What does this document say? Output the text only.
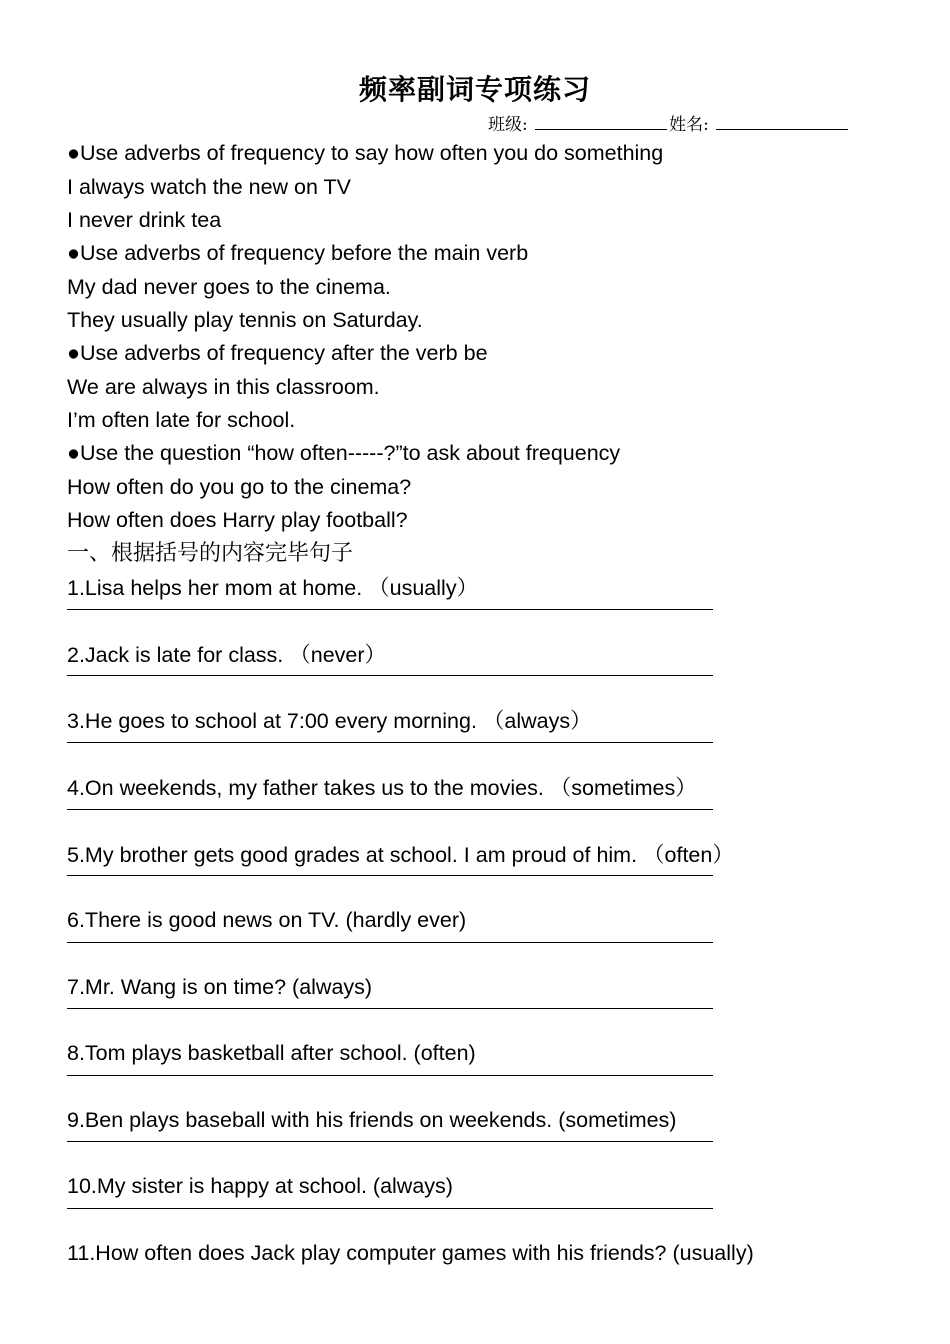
频率副词专项练习
班级:	姓名:
●Use adverbs of frequency to say how often you do something
I always watch the new on TV
I never drink tea
●Use adverbs of frequency before the main verb
My dad never goes to the cinema.
They usually play tennis on Saturday.
●Use adverbs of frequency after the verb be
We are always in this classroom.
I’m often late for school.
●Use the question “how often-----?”to ask about frequency
How often do you go to the cinema?
How often does Harry play football?
一、根据括号的内容完毕句子
1.Lisa helps her mom at home. （usually）
2.Jack is late for class. （never）
3.He goes to school at 7:00 every morning. （always）
4.On weekends, my father takes us to the movies. （sometimes）
5.My brother gets good grades at school. I am proud of him. （often）
6.There is good news on TV. (hardly ever)
7.Mr. Wang is on time? (always)
8.Tom plays basketball after school. (often)
9.Ben plays baseball with his friends on weekends. (sometimes)
10.My sister is happy at school. (always)
11.How often does Jack play computer games with his friends? (usually)
